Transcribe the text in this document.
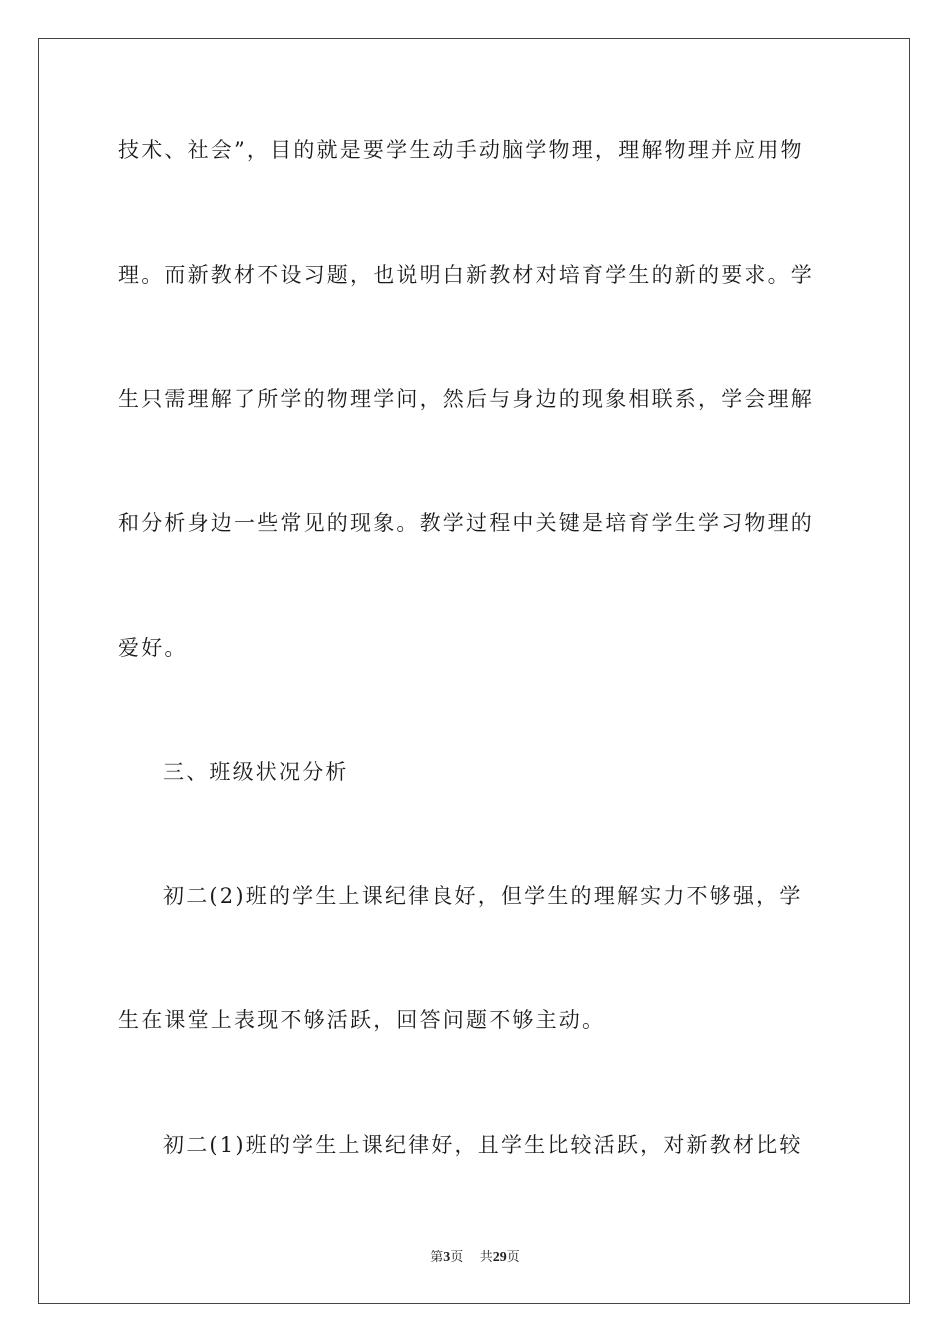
技术、社会”，目的就是要学生动手动脑学物理，理解物理并应用物
理。而新教材不设习题，也说明白新教材对培育学生的新的要求。学
生只需理解了所学的物理学问，然后与身边的现象相联系，学会理解
和分析身边一些常见的现象。教学过程中关键是培育学生学习物理的
爱好。
三、班级状况分析
初二(2)班的学生上课纪律良好，但学生的理解实力不够强，学
生在课堂上表现不够活跃，回答问题不够主动。
初二(1)班的学生上课纪律好，且学生比较活跃，对新教材比较
第3页 共29页
